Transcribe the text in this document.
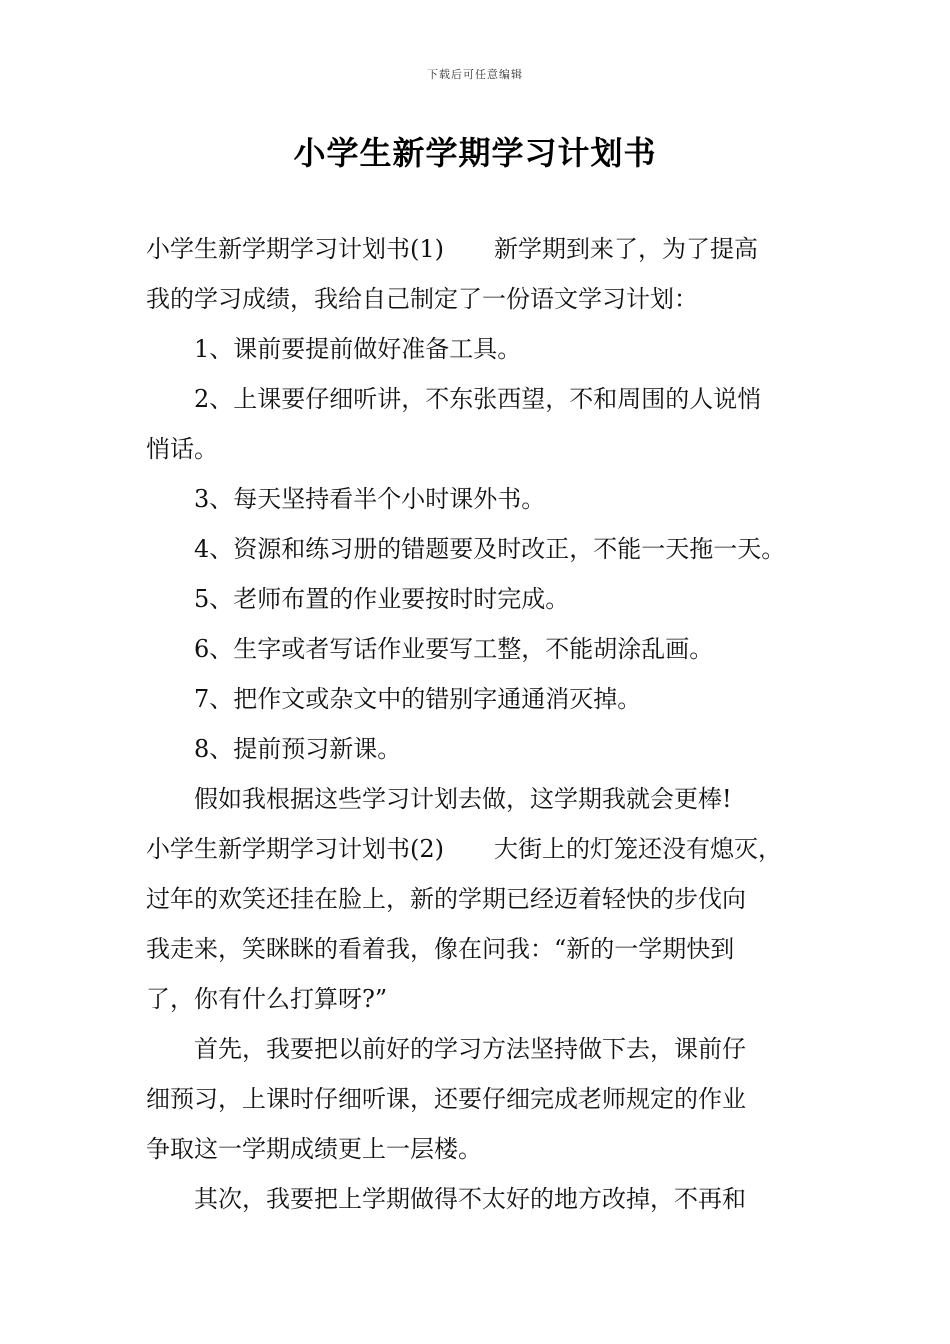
下载后可任意编辑
小学生新学期学习计划书

小学生新学期学习计划书(1) 新学期到来了，为了提高

我的学习成绩，我给自己制定了一份语文学习计划：

1、课前要提前做好准备工具。

2、上课要仔细听讲，不东张西望，不和周围的人说悄

悄话。

3、每天坚持看半个小时课外书。

4、资源和练习册的错题要及时改正，不能一天拖一天。

5、老师布置的作业要按时时完成。

6、生字或者写话作业要写工整，不能胡涂乱画。

7、把作文或杂文中的错别字通通消灭掉。

8、提前预习新课。

假如我根据这些学习计划去做，这学期我就会更棒!

小学生新学期学习计划书(2) 大街上的灯笼还没有熄灭，

过年的欢笑还挂在脸上，新的学期已经迈着轻快的步伐向

我走来，笑眯眯的看着我，像在问我：“新的一学期快到

了，你有什么打算呀?”

首先，我要把以前好的学习方法坚持做下去，课前仔

细预习，上课时仔细听课，还要仔细完成老师规定的作业

争取这一学期成绩更上一层楼。

其次，我要把上学期做得不太好的地方改掉，不再和
